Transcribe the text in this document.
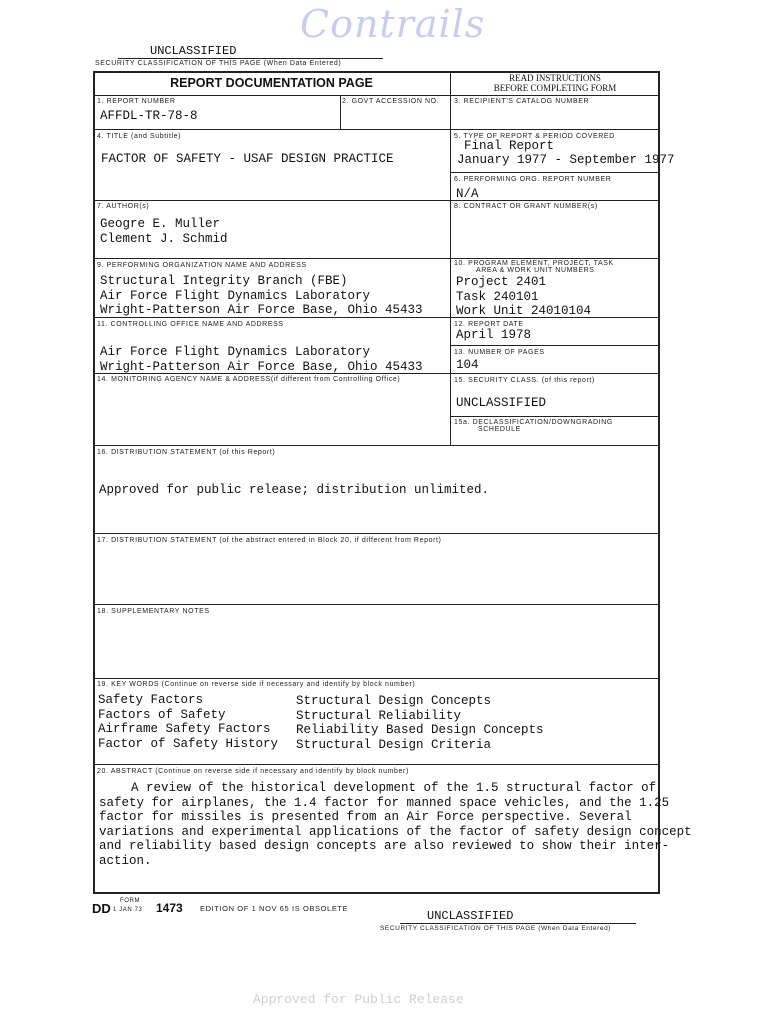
Contrails
Approved for Public Release
UNCLASSIFIED
SECURITY CLASSIFICATION OF THIS PAGE (When Data Entered)
REPORT DOCUMENTATION PAGE	READ INSTRUCTIONS
BEFORE COMPLETING FORM
1. REPORT NUMBER
AFFDL-TR-78-8
2. GOVT ACCESSION NO. 3. RECIPIENT'S CATALOG NUMBER
4. TITLE (and Subtitle)
FACTOR OF SAFETY - USAF DESIGN PRACTICE
5. TYPE OF REPORT & PERIOD COVERED
Final Report
January 1977 - September 1977
6. PERFORMING ORG. REPORT NUMBER
N/A
7. AUTHOR(s)
Geogre E. Muller
Clement J. Schmid
8. CONTRACT OR GRANT NUMBER(s)
9. PERFORMING ORGANIZATION NAME AND ADDRESS
Structural Integrity Branch (FBE)
Air Force Flight Dynamics Laboratory
Wright-Patterson Air Force Base, Ohio 45433
10. PROGRAM ELEMENT, PROJECT, TASK
AREA & WORK UNIT NUMBERS
Project 2401
Task 240101
Work Unit 24010104
11. CONTROLLING OFFICE NAME AND ADDRESS
Air Force Flight Dynamics Laboratory
Wright-Patterson Air Force Base, Ohio 45433
12. REPORT DATE
April 1978
13. NUMBER OF PAGES
104
14. MONITORING AGENCY NAME & ADDRESS(if different from Controlling Office)	15. SECURITY CLASS. (of this report)
UNCLASSIFIED
15a. DECLASSIFICATION/DOWNGRADING
SCHEDULE
16. DISTRIBUTION STATEMENT (of this Report)
Approved for public release; distribution unlimited.
17. DISTRIBUTION STATEMENT (of the abstract entered in Block 20, if different from Report)
18. SUPPLEMENTARY NOTES
19. KEY WORDS (Continue on reverse side if necessary and identify by block number)
Safety Factors
Factors of Safety
Airframe Safety Factors
Factor of Safety History
Structural Design Concepts
Structural Reliability
Reliability Based Design Concepts
Structural Design Criteria
20. ABSTRACT (Continue on reverse side if necessary and identify by block number)
A review of the historical development of the 1.5 structural factor of
safety for airplanes, the 1.4 factor for manned space vehicles, and the 1.25
factor for missiles is presented from an Air Force perspective. Several
variations and experimental applications of the factor of safety design concept
and reliability based design concepts are also reviewed to show their inter-
action.
DD FORM
1 JAN 73 1473 EDITION OF 1 NOV 65 IS OBSOLETE
UNCLASSIFIED
SECURITY CLASSIFICATION OF THIS PAGE (When Data Entered)
